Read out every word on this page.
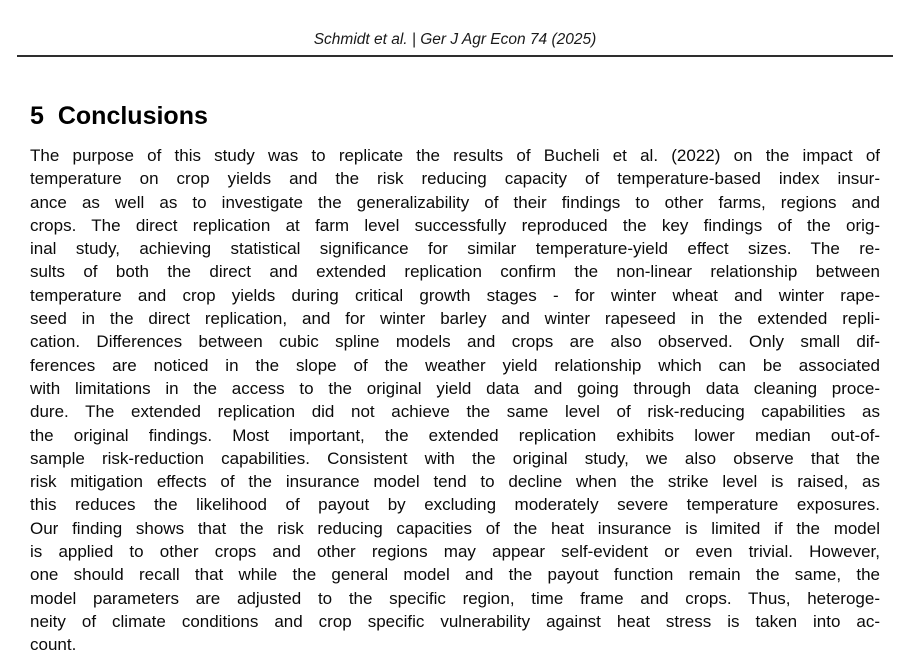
Schmidt et al. | Ger J Agr Econ 74 (2025)
5 Conclusions
The purpose of this study was to replicate the results of Bucheli et al. (2022) on the impact of
temperature on crop yields and the risk reducing capacity of temperature-based index insur-
ance as well as to investigate the generalizability of their findings to other farms, regions and
crops. The direct replication at farm level successfully reproduced the key findings of the orig-
inal study, achieving statistical significance for similar temperature-yield effect sizes. The re-
sults of both the direct and extended replication confirm the non-linear relationship between
temperature and crop yields during critical growth stages - for winter wheat and winter rape-
seed in the direct replication, and for winter barley and winter rapeseed in the extended repli-
cation. Differences between cubic spline models and crops are also observed. Only small dif-
ferences are noticed in the slope of the weather yield relationship which can be associated
with limitations in the access to the original yield data and going through data cleaning proce-
dure. The extended replication did not achieve the same level of risk-reducing capabilities as
the original findings. Most important, the extended replication exhibits lower median out-of-
sample risk-reduction capabilities. Consistent with the original study, we also observe that the
risk mitigation effects of the insurance model tend to decline when the strike level is raised, as
this reduces the likelihood of payout by excluding moderately severe temperature exposures.
Our finding shows that the risk reducing capacities of the heat insurance is limited if the model
is applied to other crops and other regions may appear self-evident or even trivial. However,
one should recall that while the general model and the payout function remain the same, the
model parameters are adjusted to the specific region, time frame and crops. Thus, heteroge-
neity of climate conditions and crop specific vulnerability against heat stress is taken into ac-
count.
